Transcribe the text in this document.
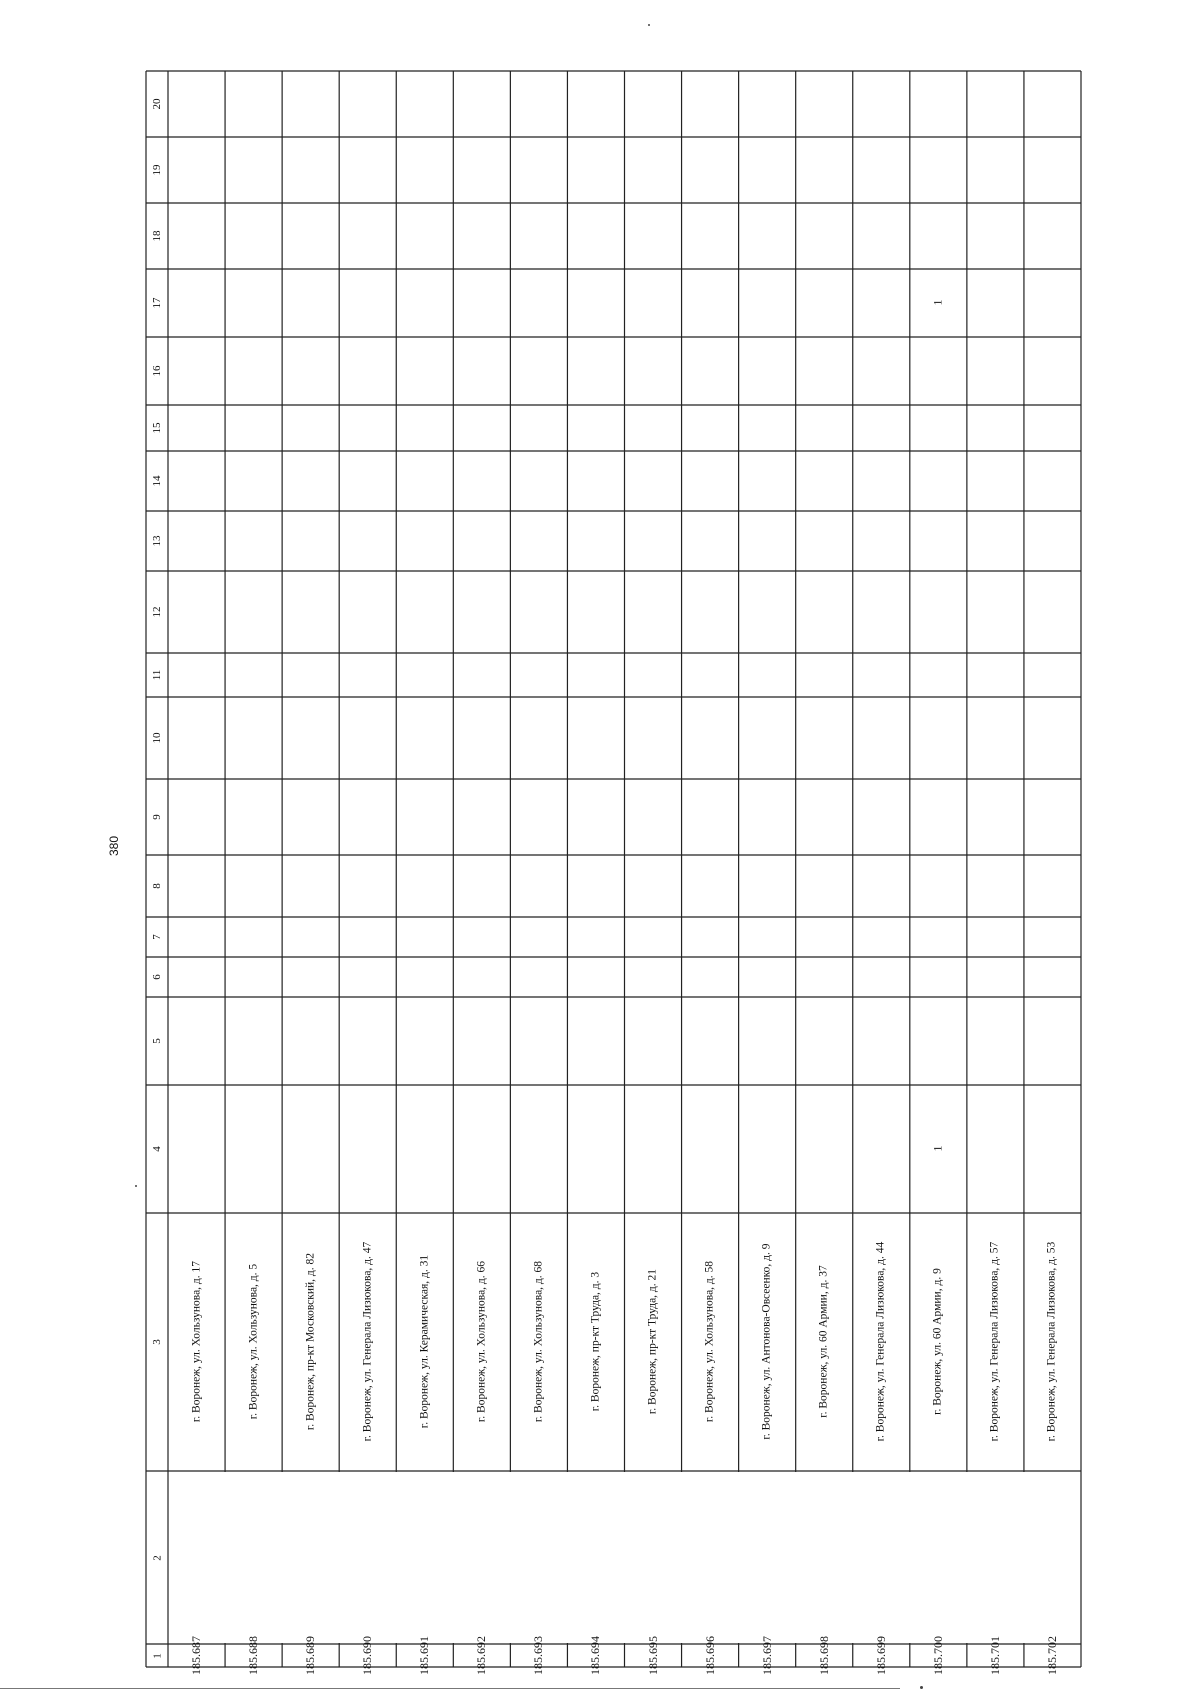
380
1
2
3
4
5
6
7
8
9
10
11
12
13
14
15
16
17
18
19
20
185.687
г. Воронеж, ул. Хользунова, д. 17
185.688
г. Воронеж, ул. Хользунова, д. 5
185.689
г. Воронеж, пр-кт Московский, д. 82
185.690
г. Воронеж, ул. Генерала Лизюкова, д. 47
185.691
г. Воронеж, ул. Керамическая, д. 31
185.692
г. Воронеж, ул. Хользунова, д. 66
185.693
г. Воронеж, ул. Хользунова, д. 68
185.694
г. Воронеж, пр-кт Труда, д. 3
185.695
г. Воронеж, пр-кт Труда, д. 21
185.696
г. Воронеж, ул. Хользунова, д. 58
185.697
г. Воронеж, ул. Антонова-Овсеенко, д. 9
185.698
г. Воронеж, ул. 60 Армии, д. 37
185.699
г. Воронеж, ул. Генерала Лизюкова, д. 44
185.700
г. Воронеж, ул. 60 Армии, д. 9
1
1
185.701
г. Воронеж, ул. Генерала Лизюкова, д. 57
185.702
г. Воронеж, ул. Генерала Лизюкова, д. 53
